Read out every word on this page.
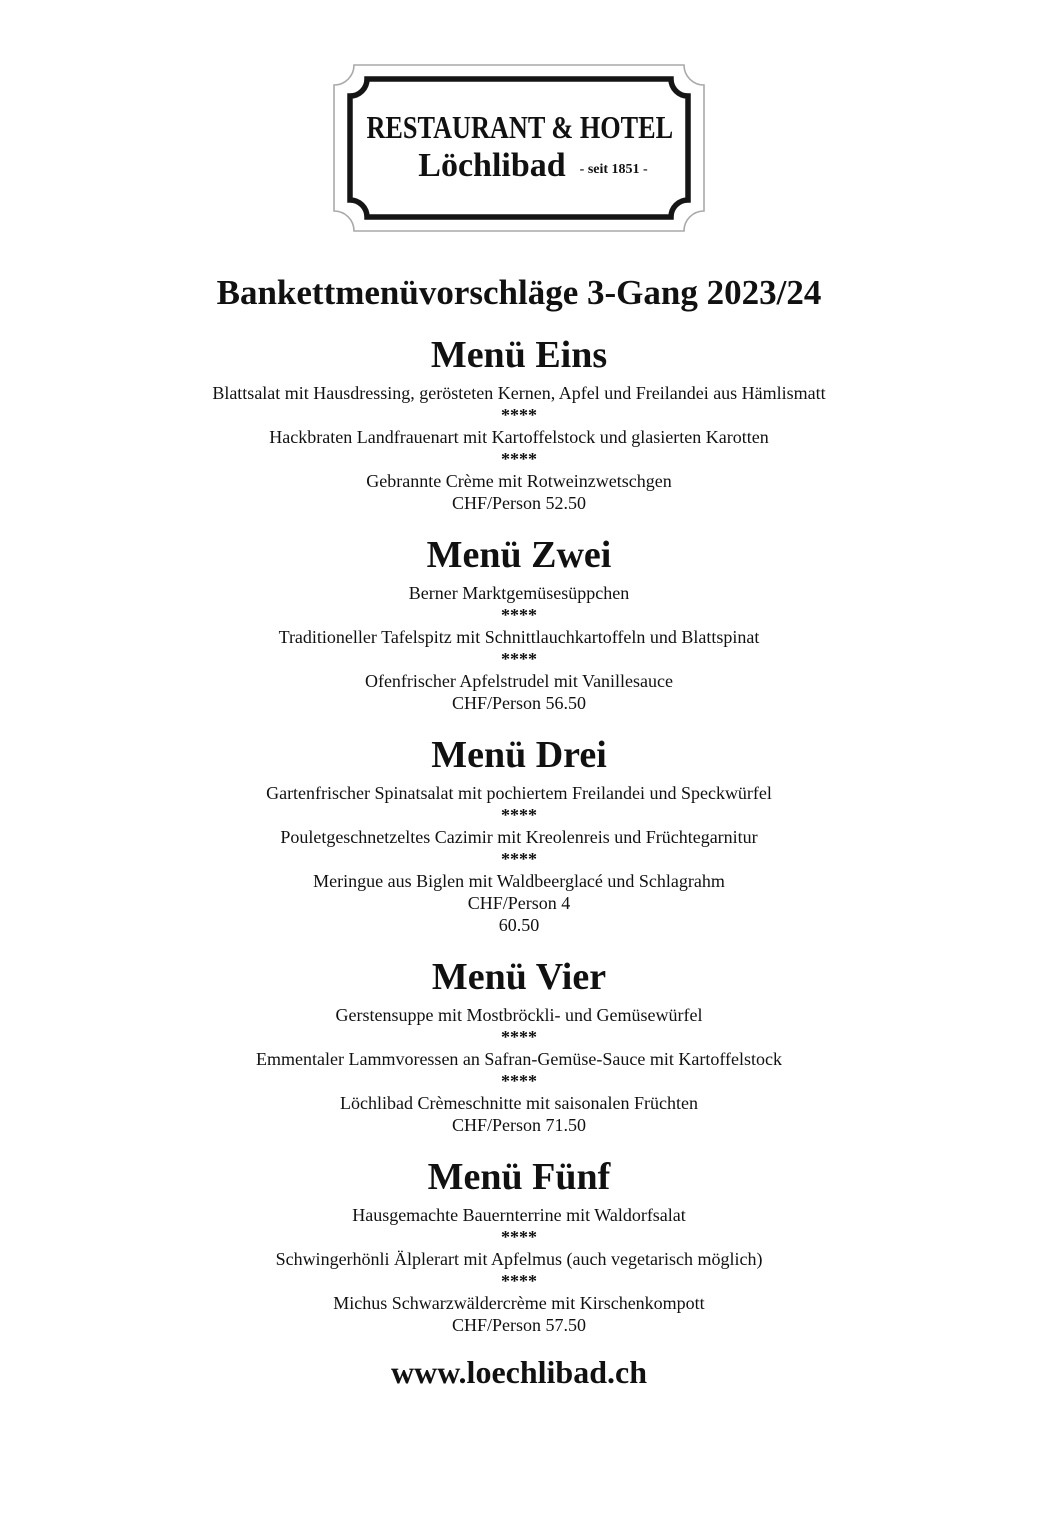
RESTAURANT & HOTEL
Löchlibad - seit 1851 -
Bankettmenüvorschläge 3-Gang 2023/24
Menü Eins

Blattsalat mit Hausdressing, gerösteten Kernen, Apfel und Freilandei aus Hämlismatt

****

Hackbraten Landfrauenart mit Kartoffelstock und glasierten Karotten

****

Gebrannte Crème mit Rotweinzwetschgen

CHF/Person 52.50

Menü Zwei

Berner Marktgemüsesüppchen

****

Traditioneller Tafelspitz mit Schnittlauchkartoffeln und Blattspinat

****

Ofenfrischer Apfelstrudel mit Vanillesauce

CHF/Person 56.50

Menü Drei

Gartenfrischer Spinatsalat mit pochiertem Freilandei und Speckwürfel

****

Pouletgeschnetzeltes Cazimir mit Kreolenreis und Früchtegarnitur

****

Meringue aus Biglen mit Waldbeerglacé und Schlagrahm

CHF/Person 4

60.50

Menü Vier

Gerstensuppe mit Mostbröckli- und Gemüsewürfel

****

Emmentaler Lammvoressen an Safran-Gemüse-Sauce mit Kartoffelstock

****

Löchlibad Crèmeschnitte mit saisonalen Früchten

CHF/Person 71.50

Menü Fünf

Hausgemachte Bauernterrine mit Waldorfsalat

****

Schwingerhönli Älplerart mit Apfelmus (auch vegetarisch möglich)

****

Michus Schwarzwäldercrème mit Kirschenkompott

CHF/Person 57.50

www.loechlibad.ch
